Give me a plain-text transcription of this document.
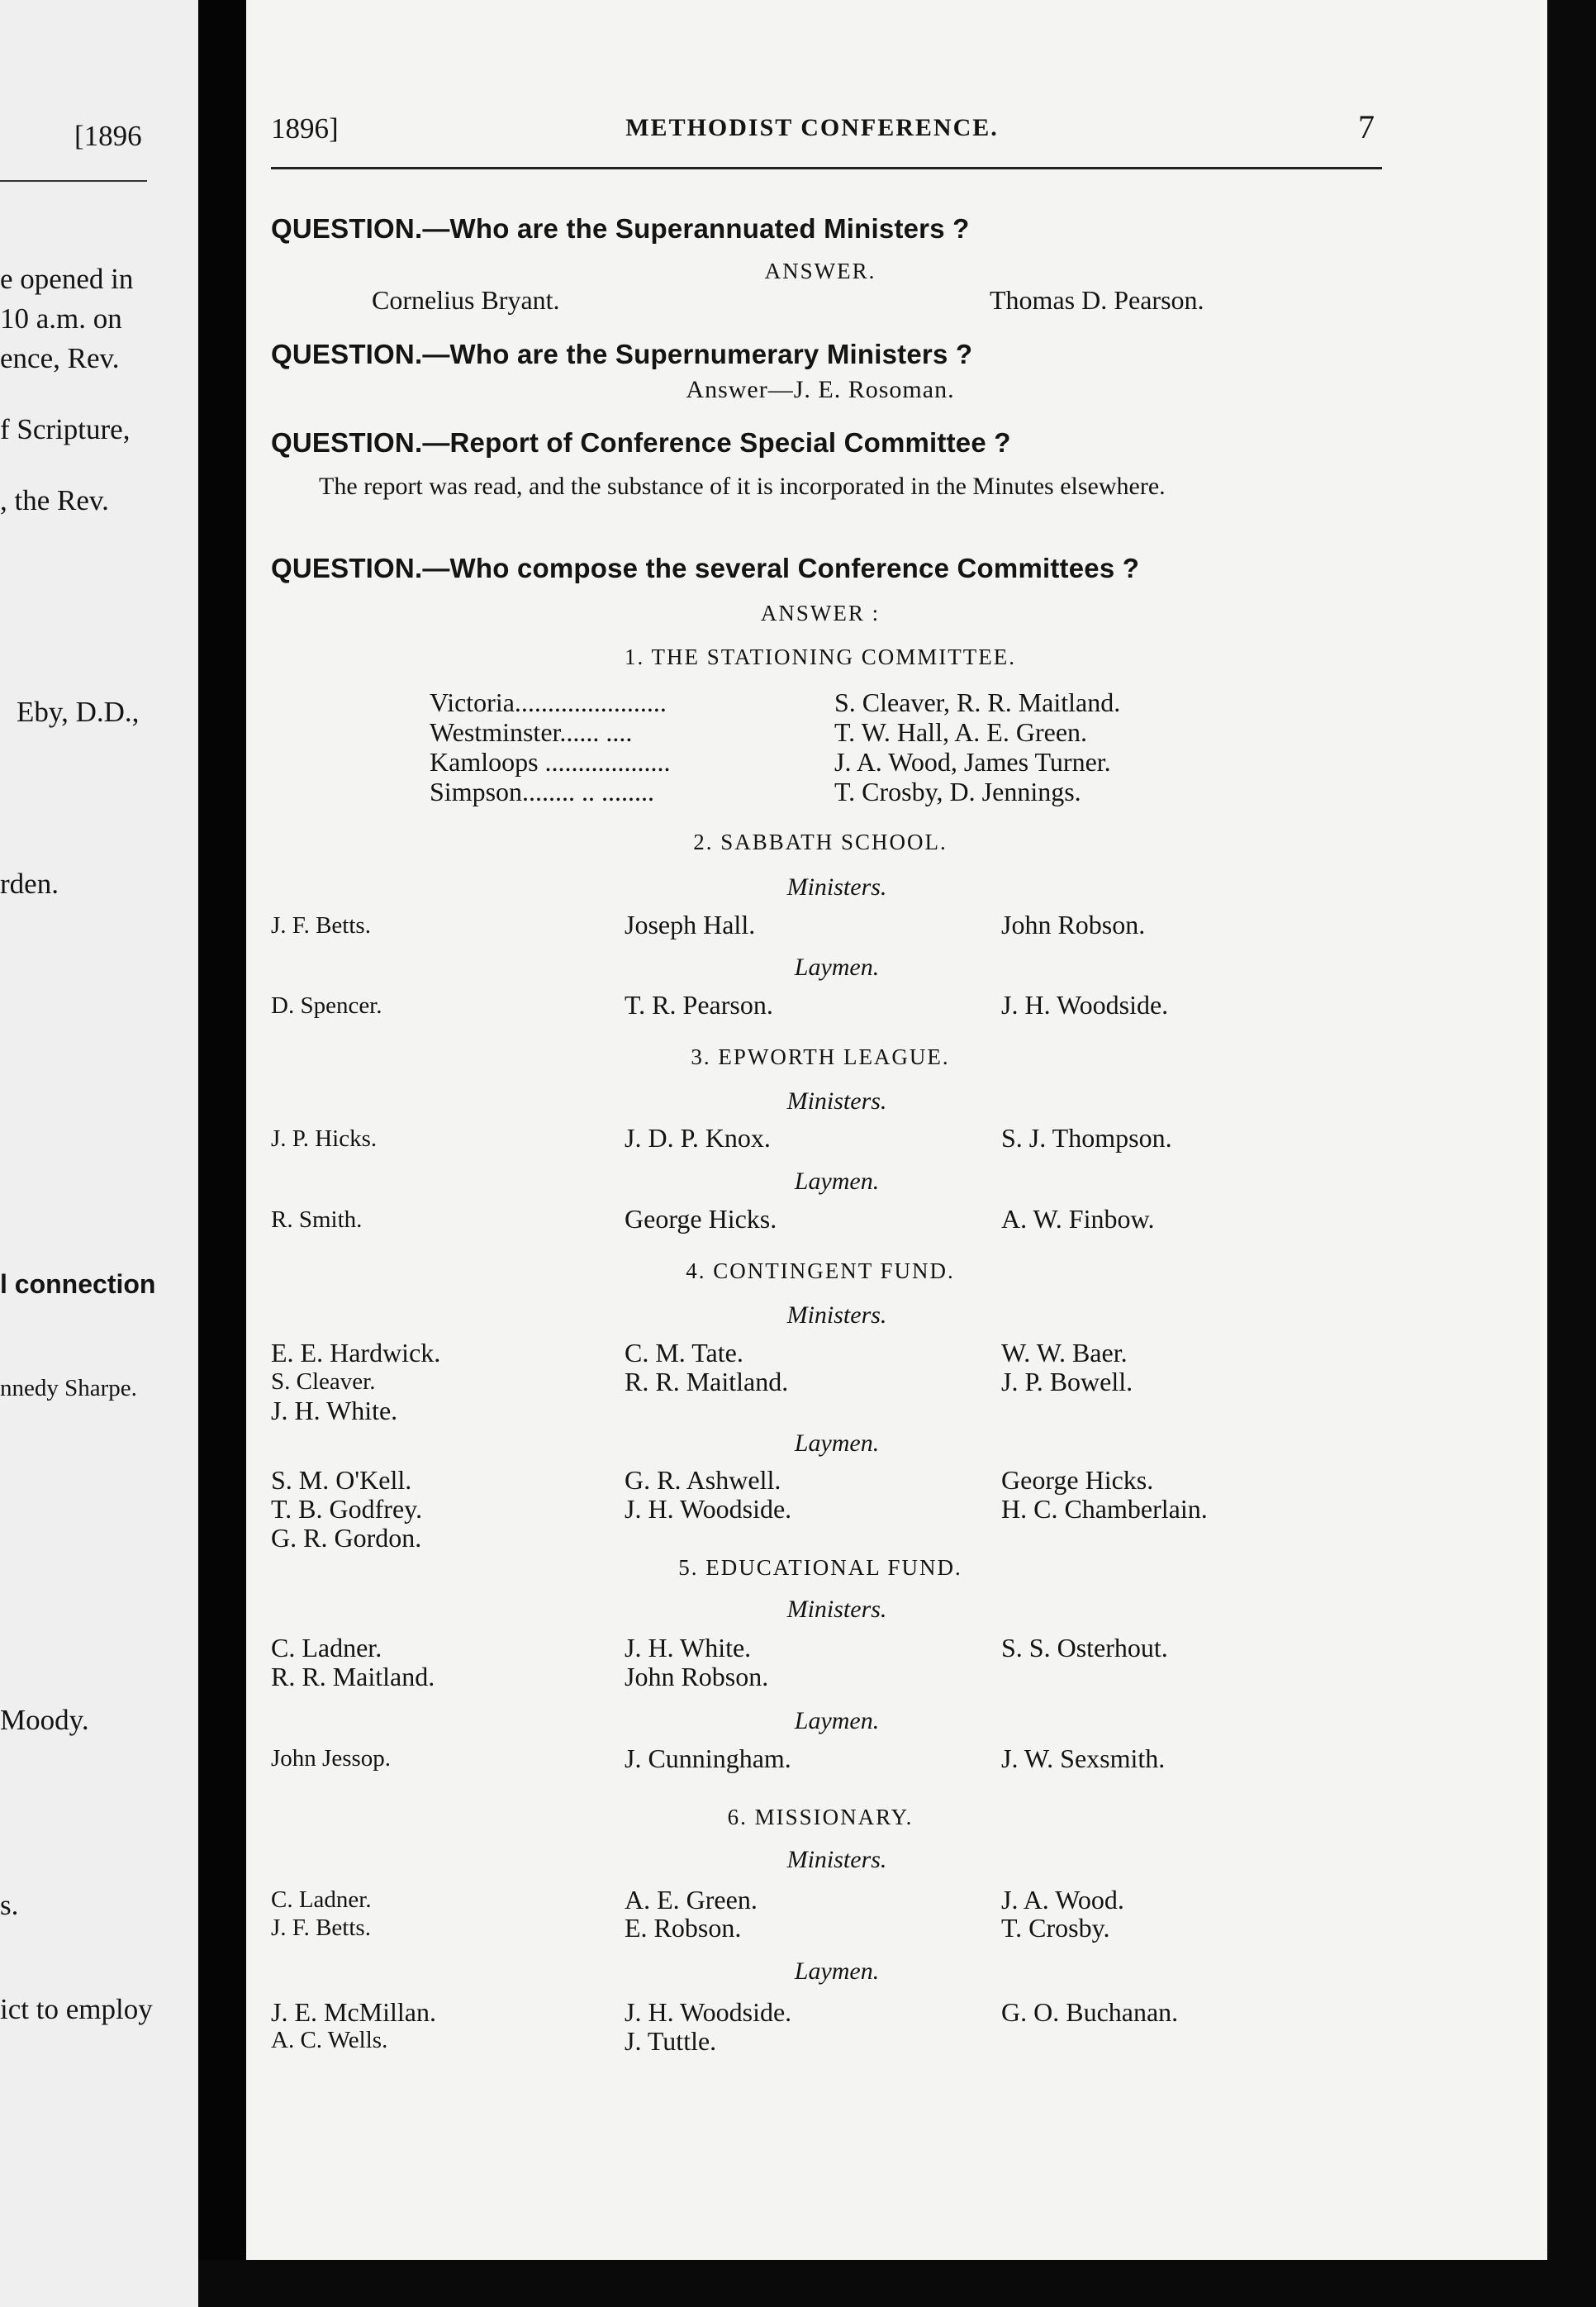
[1896
e opened in
10 a.m. on
ence, Rev.
f Scripture,
, the Rev.
Eby, D.D.,
rden.
l connection
nnedy Sharpe.
Moody.
s.
ict to employ
1896]	METHODIST CONFERENCE.	7
QUESTION.—Who are the Superannuated Ministers ?
ANSWER.
Cornelius Bryant.	Thomas D. Pearson.
QUESTION.—Who are the Supernumerary Ministers ?
Answer—J. E. Rosoman.
QUESTION.—Report of Conference Special Committee ?
The report was read, and the substance of it is incorporated in the Minutes elsewhere.
QUESTION.—Who compose the several Conference Committees ?
ANSWER :
1. THE STATIONING COMMITTEE.
Victoria.......................	S. Cleaver, R. R. Maitland.
Westminster...... ....	T. W. Hall, A. E. Green.
Kamloops ...................	J. A. Wood, James Turner.
Simpson........ .. ........	T. Crosby, D. Jennings.
2. SABBATH SCHOOL.
Ministers.
J. F. Betts.	Joseph Hall.	John Robson.
Laymen.
D. Spencer.	T. R. Pearson.	J. H. Woodside.
3. EPWORTH LEAGUE.
Ministers.
J. P. Hicks.	J. D. P. Knox.	S. J. Thompson.
Laymen.
R. Smith.	George Hicks.	A. W. Finbow.
4. CONTINGENT FUND.
Ministers.
E. E. Hardwick.	C. M. Tate.	W. W. Baer.
S. Cleaver.	R. R. Maitland.	J. P. Bowell.
J. H. White.
Laymen.
S. M. O'Kell.	G. R. Ashwell.	George Hicks.
T. B. Godfrey.	J. H. Woodside.	H. C. Chamberlain.
G. R. Gordon.
5. EDUCATIONAL FUND.
Ministers.
C. Ladner.	J. H. White.	S. S. Osterhout.
R. R. Maitland.	John Robson.
Laymen.
John Jessop.	J. Cunningham.	J. W. Sexsmith.
6. MISSIONARY.
Ministers.
C. Ladner.	A. E. Green.	J. A. Wood.
J. F. Betts.	E. Robson.	T. Crosby.
Laymen.
J. E. McMillan.	J. H. Woodside.	G. O. Buchanan.
A. C. Wells.	J. Tuttle.
